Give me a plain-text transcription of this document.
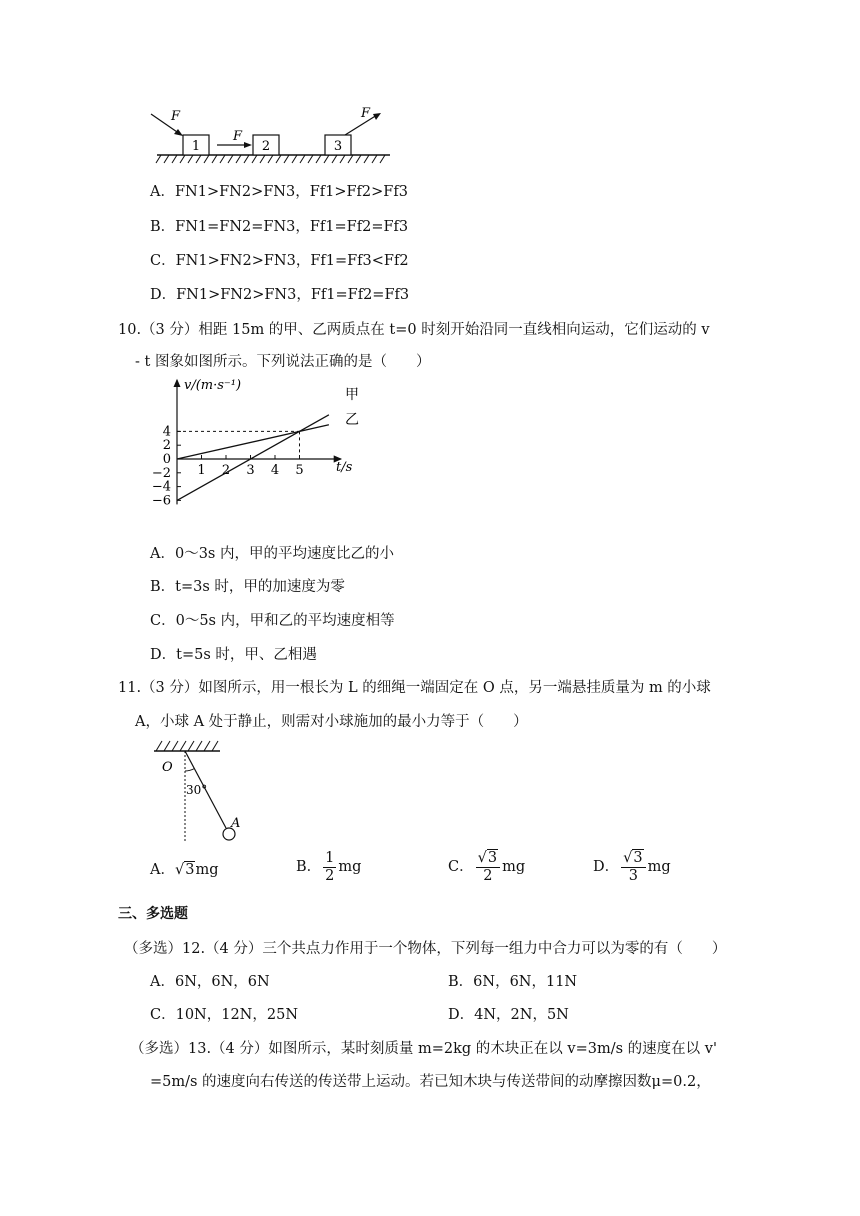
1	2	3
F
F
F
A．FN1>FN2>FN3，Ff1>Ff2>Ff3
B．FN1=FN2=FN3，Ff1=Ff2=Ff3
C．FN1>FN2>FN3，Ff1=Ff3<Ff2
D．FN1>FN2>FN3，Ff1=Ff2=Ff3
10.（3 分）相距 15m 的甲、乙两质点在 t=0 时刻开始沿同一直线相向运动，它们运动的 v
- t 图象如图所示。下列说法正确的是（　　）
1 2 3 4 5
4
2
0
−2
−4
−6
v/(m·s⁻¹)
t/s
甲
乙
A．0～3s 内，甲的平均速度比乙的小
B．t=3s 时，甲的加速度为零
C．0～5s 内，甲和乙的平均速度相等
D．t=5s 时，甲、乙相遇
11.（3 分）如图所示，用一根长为 L 的细绳一端固定在 O 点，另一端悬挂质量为 m 的小球
A，小球 A 处于静止，则需对小球施加的最小力等于（　　）
O
30°
A
A．√3mg	B． $\frac{1}{2}$ mg	C． $\frac{√3}{2}$ mg	D． $\frac{√3}{3}$ mg
三、多选题
（多选）12.（4 分）三个共点力作用于一个物体，下列每一组力中合力可以为零的有（　　）
A．6N，6N，6N	B．6N，6N，11N
C．10N，12N，25N	D．4N，2N，5N
（多选）13.（4 分）如图所示，某时刻质量 m=2kg 的木块正在以 v=3m/s 的速度在以 v'
=5m/s 的速度向右传送的传送带上运动。若已知木块与传送带间的动摩擦因数μ=0.2，
